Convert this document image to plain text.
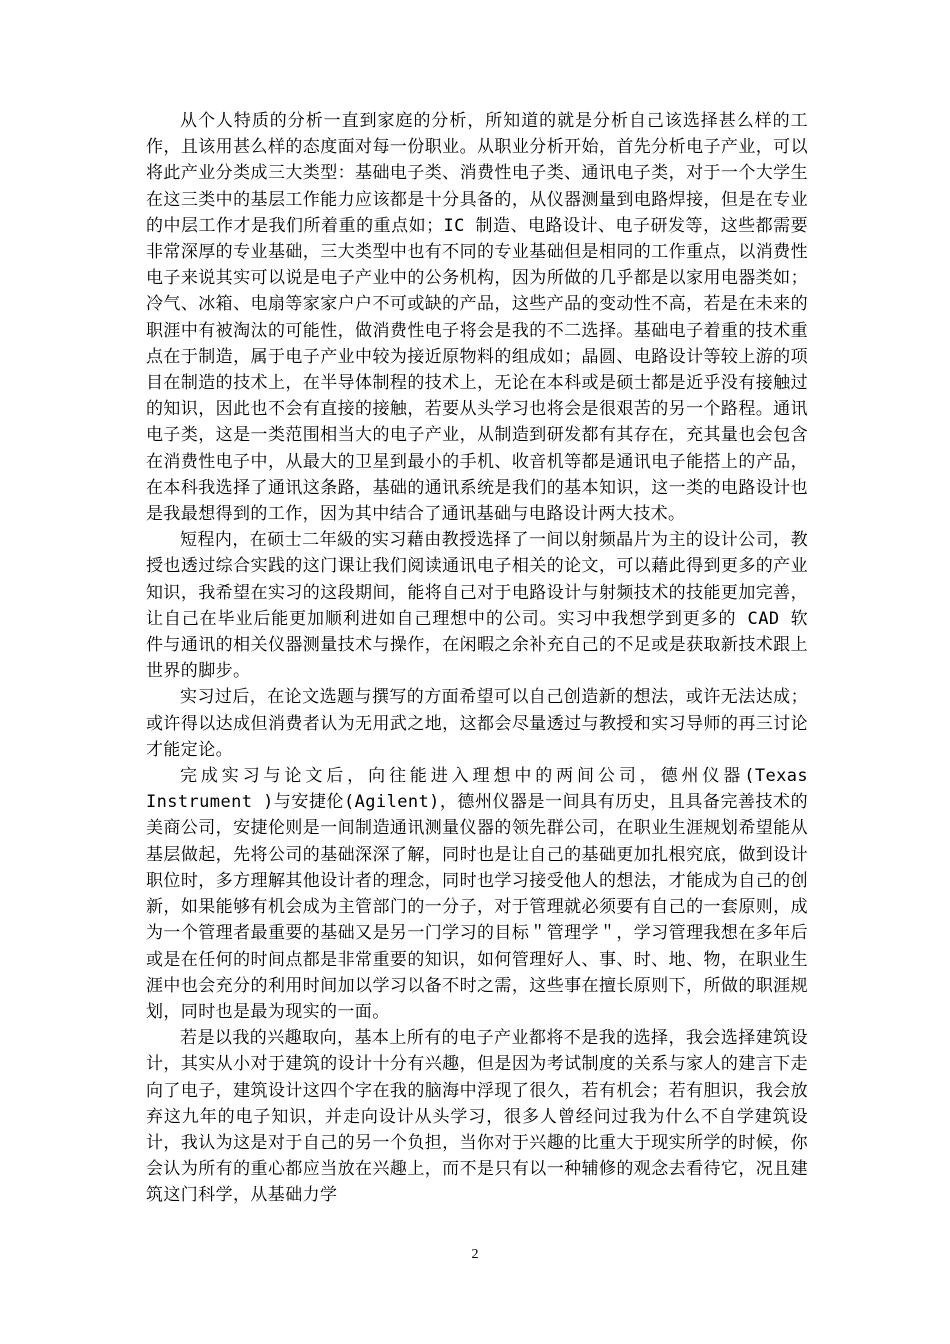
从个人特质的分析一直到家庭的分析，所知道的就是分析自己该选择甚么样的工作，且该用甚么样的态度面对每一份职业。从职业分析开始，首先分析电子产业，可以将此产业分类成三大类型：基础电子类、消费性电子类、通讯电子类，对于一个大学生在这三类中的基层工作能力应该都是十分具备的，从仪器测量到电路焊接，但是在专业的中层工作才是我们所着重的重点如；IC 制造、电路设计、电子研发等，这些都需要非常深厚的专业基础，三大类型中也有不同的专业基础但是相同的工作重点，以消费性电子来说其实可以说是电子产业中的公务机构，因为所做的几乎都是以家用电器类如；冷气、冰箱、电扇等家家户户不可或缺的产品，这些产品的变动性不高，若是在未来的职涯中有被淘汰的可能性，做消费性电子将会是我的不二选择。基础电子着重的技术重点在于制造，属于电子产业中较为接近原物料的组成如；晶圆、电路设计等较上游的项目在制造的技术上，在半导体制程的技术上，无论在本科或是硕士都是近乎没有接触过的知识，因此也不会有直接的接触，若要从头学习也将会是很艰苦的另一个路程。通讯电子类，这是一类范围相当大的电子产业，从制造到研发都有其存在，充其量也会包含在消费性电子中，从最大的卫星到最小的手机、收音机等都是通讯电子能搭上的产品，在本科我选择了通讯这条路，基础的通讯系统是我们的基本知识，这一类的电路设计也是我最想得到的工作，因为其中结合了通讯基础与电路设计两大技术。

短程内，在硕士二年級的实习藉由教授选择了一间以射频晶片为主的设计公司，教授也透过综合实践的这门课让我们阅读通讯电子相关的论文，可以藉此得到更多的产业知识，我希望在实习的这段期间，能将自己对于电路设计与射频技术的技能更加完善，让自己在毕业后能更加顺利进如自己理想中的公司。实习中我想学到更多的 CAD 软件与通讯的相关仪器测量技术与操作，在闲暇之余补充自己的不足或是获取新技术跟上世界的脚步。

实习过后，在论文选题与撰写的方面希望可以自己创造新的想法，或许无法达成；或许得以达成但消费者认为无用武之地，这都会尽量透过与教授和实习导师的再三讨论才能定论。

完成实习与论文后，向往能进入理想中的两间公司，德州仪器(Texas Instrument )与安捷伦(Agilent)，德州仪器是一间具有历史，且具备完善技术的美商公司，安捷伦则是一间制造通讯测量仪器的领先群公司，在职业生涯规划希望能从基层做起，先将公司的基础深深了解，同时也是让自己的基础更加扎根究底，做到设计职位时，多方理解其他设计者的理念，同时也学习接受他人的想法，才能成为自己的创新，如果能够有机会成为主管部门的一分子，对于管理就必须要有自己的一套原则，成为一个管理者最重要的基础又是另一门学习的目标＂管理学＂，学习管理我想在多年后或是在任何的时间点都是非常重要的知识，如何管理好人、事、时、地、物，在职业生涯中也会充分的利用时间加以学习以备不时之需，这些事在擅长原则下，所做的职涯规划，同时也是最为现实的一面。

若是以我的兴趣取向，基本上所有的电子产业都将不是我的选择，我会选择建筑设计，其实从小对于建筑的设计十分有兴趣，但是因为考试制度的关系与家人的建言下走向了电子，建筑设计这四个字在我的脑海中浮现了很久，若有机会；若有胆识，我会放弃这九年的电子知识，并走向设计从头学习，很多人曾经问过我为什么不自学建筑设计，我认为这是对于自己的另一个负担，当你对于兴趣的比重大于现实所学的时候，你会认为所有的重心都应当放在兴趣上，而不是只有以一种辅修的观念去看待它，况且建筑这门科学，从基础力学

2
